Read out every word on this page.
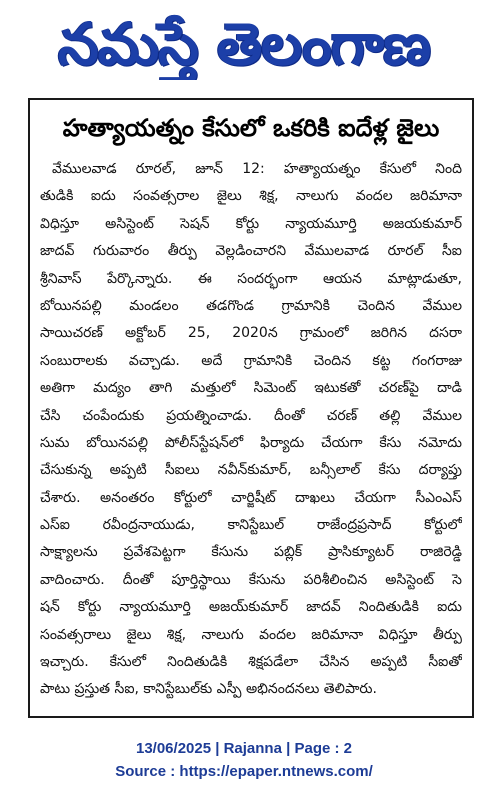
నమస్తే తెలంగాణ
హత్యాయత్నం కేసులో ఒకరికి ఐదేళ్ల జైలు
వేములవాడ రూరల్, జూన్ 12: హత్యాయత్నం కేసులో నింది
తుడికి ఐదు సంవత్సరాల జైలు శిక్ష, నాలుగు వందల జరిమానా
విధిస్తూ అసిస్టెంట్ సెషన్ కోర్టు న్యాయమూర్తి అజయకుమార్
జాదవ్ గురువారం తీర్పు వెల్లడించారని వేములవాడ రూరల్ సీఐ
శ్రీనివాస్ పేర్కొన్నారు. ఈ సందర్భంగా ఆయన మాట్లాడుతూ,
బోయినపల్లి మండలం తడగొండ గ్రామానికి చెందిన వేముల
సాయిచరణ్ అక్టోబర్ 25, 2020న గ్రామంలో జరిగిన దసరా
సంబురాలకు వచ్చాడు. అదే గ్రామానికి చెందిన కట్ట గంగరాజు
అతిగా మద్యం తాగి మత్తులో సిమెంట్ ఇటుకతో చరణ్‌పై దాడి
చేసి చంపేందుకు ప్రయత్నించాడు. దీంతో చరణ్ తల్లి వేముల
సుమ బోయినపల్లి పోలీస్‌స్టేషన్‌లో ఫిర్యాదు చేయగా కేసు నమోదు
చేసుకున్న అప్పటి సీఐలు నవీన్‌కుమార్, బన్సీలాల్ కేసు దర్యాప్తు
చేశారు. అనంతరం కోర్టులో చార్జిషీట్ దాఖలు చేయగా సీఎంఎస్
ఎస్ఐ రవీంద్రనాయుడు, కానిస్టేబుల్ రాజేంద్రప్రసాద్ కోర్టులో
సాక్ష్యాలను ప్రవేశపెట్టగా కేసును పబ్లిక్ ప్రాసిక్యూటర్ రాజిరెడ్డి
వాదించారు. దీంతో పూర్తిస్థాయి కేసును పరిశీలించిన అసిస్టెంట్ సె
షన్ కోర్టు న్యాయమూర్తి అజయ్‌కుమార్ జాదవ్ నిందితుడికి ఐదు
సంవత్సరాలు జైలు శిక్ష, నాలుగు వందల జరిమానా విధిస్తూ తీర్పు
ఇచ్చారు. కేసులో నిందితుడికి శిక్షపడేలా చేసిన అప్పటి సీఐతో
పాటు ప్రస్తుత సీఐ, కానిస్టేబుల్‌కు ఎస్పీ అభినందనలు తెలిపారు.
13/06/2025 | Rajanna | Page : 2
Source : https://epaper.ntnews.com/
